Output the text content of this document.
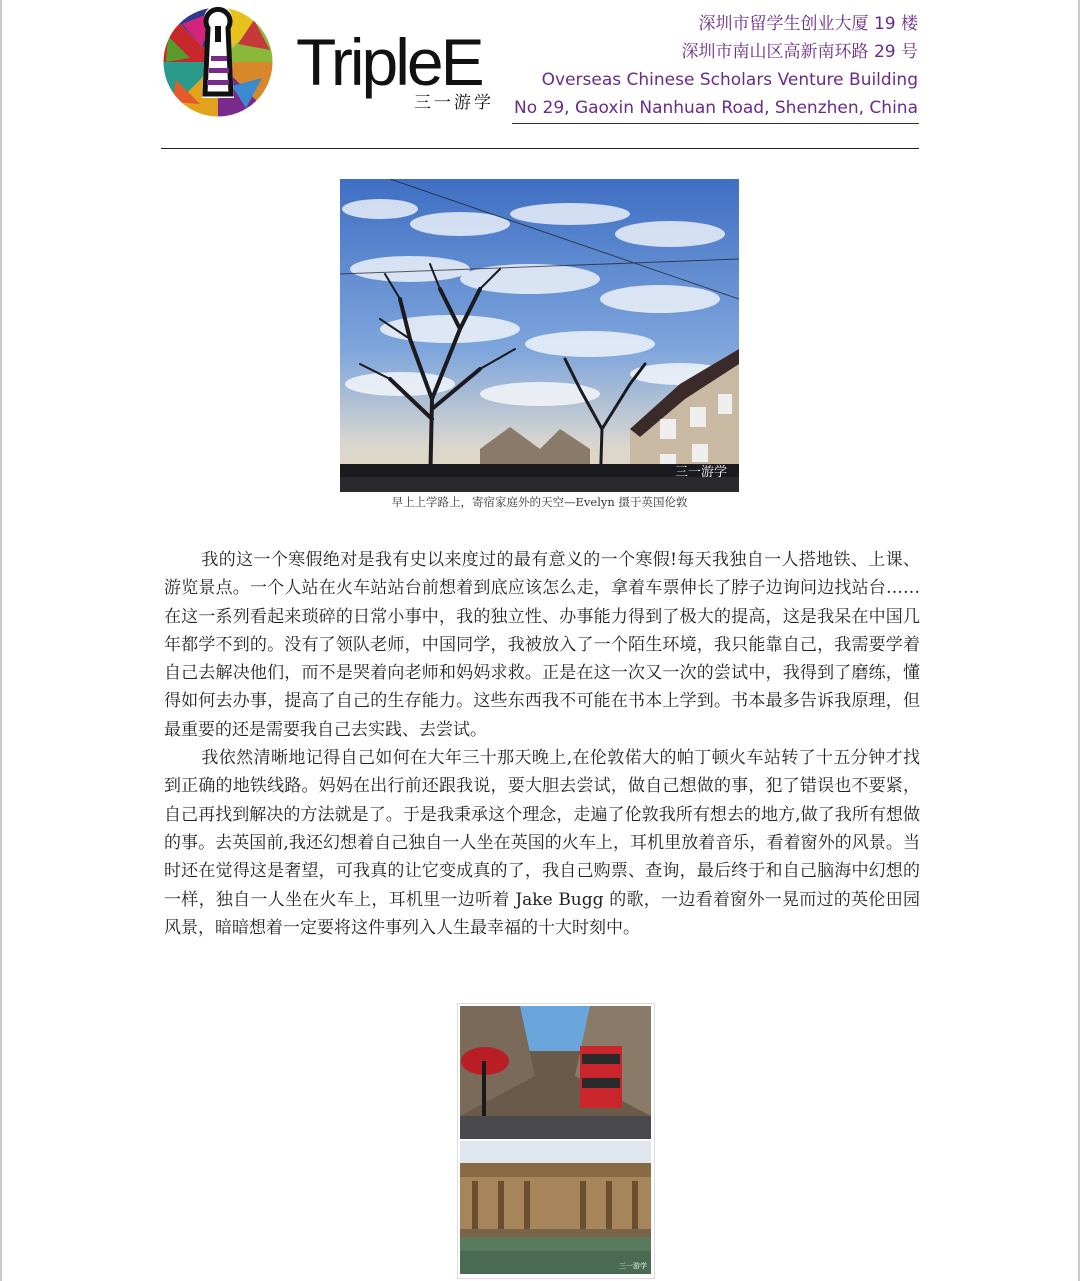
TripleE
三一游学
深圳市留学生创业大厦 19 楼
深圳市南山区高新南环路 29 号
Overseas Chinese Scholars Venture Building
No 29, Gaoxin Nanhuan Road, Shenzhen, China
三一游学
早上上学路上，寄宿家庭外的天空—Evelyn 摄于英国伦敦

我的这一个寒假绝对是我有史以来度过的最有意义的一个寒假!每天我独自一人搭地铁、上课、游览景点。一个人站在火车站站台前想着到底应该怎么走，拿着车票伸长了脖子边询问边找站台……在这一系列看起来琐碎的日常小事中，我的独立性、办事能力得到了极大的提高，这是我呆在中国几年都学不到的。没有了领队老师，中国同学，我被放入了一个陌生环境，我只能靠自己，我需要学着自己去解决他们，而不是哭着向老师和妈妈求救。正是在这一次又一次的尝试中，我得到了磨练，懂得如何去办事，提高了自己的生存能力。这些东西我不可能在书本上学到。书本最多告诉我原理，但最重要的还是需要我自己去实践、去尝试。

我依然清晰地记得自己如何在大年三十那天晚上,在伦敦偌大的帕丁顿火车站转了十五分钟才找到正确的地铁线路。妈妈在出行前还跟我说，要大胆去尝试，做自己想做的事，犯了错误也不要紧，自己再找到解决的方法就是了。于是我秉承这个理念，走遍了伦敦我所有想去的地方,做了我所有想做的事。去英国前,我还幻想着自己独自一人坐在英国的火车上，耳机里放着音乐，看着窗外的风景。当时还在觉得这是奢望，可我真的让它变成真的了，我自己购票、查询，最后终于和自己脑海中幻想的一样，独自一人坐在火车上，耳机里一边听着 Jake Bugg 的歌，一边看着窗外一晃而过的英伦田园风景，暗暗想着一定要将这件事列入人生最幸福的十大时刻中。

三一游学
